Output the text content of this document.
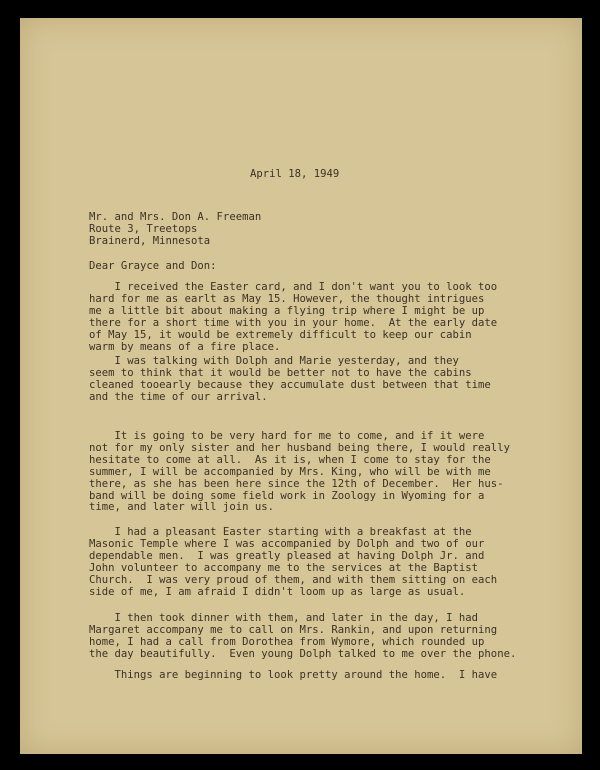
April 18, 1949
Mr. and Mrs. Don A. Freeman
Route 3, Treetops
Brainerd, Minnesota
Dear Grayce and Don:
I received the Easter card, and I don't want you to look too
hard for me as earlt as May 15. However, the thought intrigues
me a little bit about making a flying trip where I might be up
there for a short time with you in your home.  At the early date
of May 15, it would be extremely difficult to keep our cabin
warm by means of a fire place.
I was talking with Dolph and Marie yesterday, and they
seem to think that it would be better not to have the cabins
cleaned tooearly because they accumulate dust between that time
and the time of our arrival.
It is going to be very hard for me to come, and if it were
not for my only sister and her husband being there, I would really
hesitate to come at all.  As it is, when I come to stay for the
summer, I will be accompanied by Mrs. King, who will be with me
there, as she has been here since the 12th of December.  Her hus-
band will be doing some field work in Zoology in Wyoming for a
time, and later will join us.
I had a pleasant Easter starting with a breakfast at the
Masonic Temple where I was accompanied by Dolph and two of our
dependable men.  I was greatly pleased at having Dolph Jr. and
John volunteer to accompany me to the services at the Baptist
Church.  I was very proud of them, and with them sitting on each
side of me, I am afraid I didn't loom up as large as usual.
I then took dinner with them, and later in the day, I had
Margaret accompany me to call on Mrs. Rankin, and upon returning
home, I had a call from Dorothea from Wymore, which rounded up
the day beautifully.  Even young Dolph talked to me over the phone.
Things are beginning to look pretty around the home.  I have
